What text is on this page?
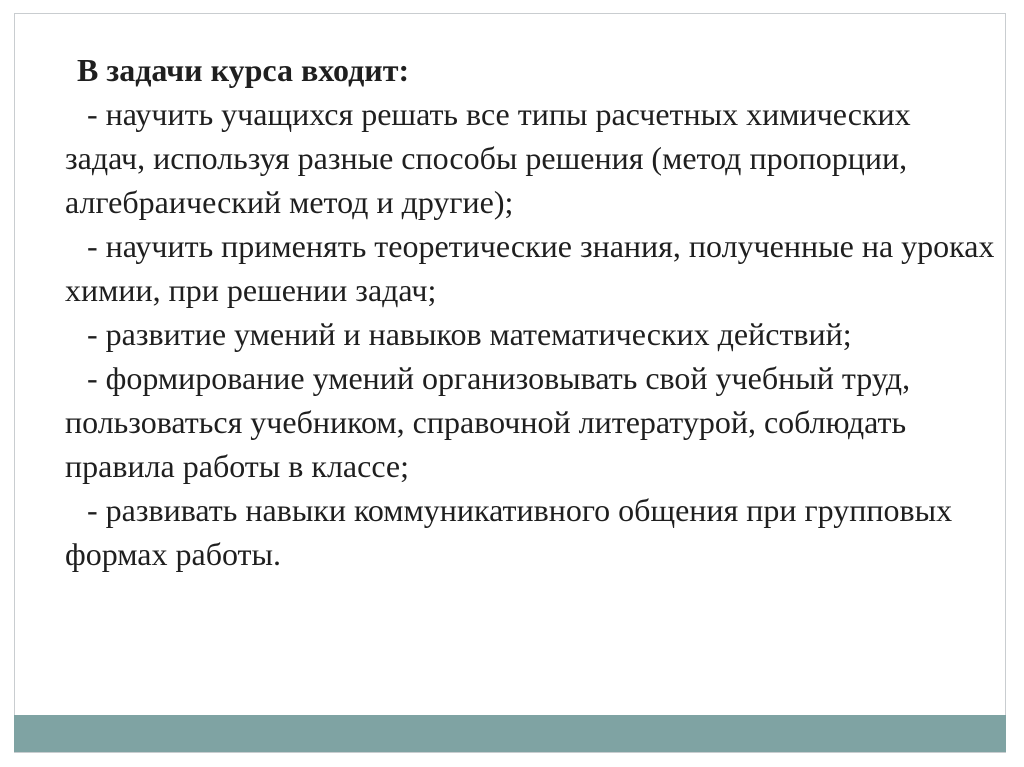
В задачи курса входит:

- научить учащихся решать все типы расчетных химических задач, используя разные способы решения (метод пропорции, алгебраический метод и другие);

- научить применять теоретические знания, полученные на уроках химии, при решении задач;

- развитие умений и навыков математических действий;

- формирование умений организовывать свой учебный труд, пользоваться учебником, справочной литературой, соблюдать правила работы в классе;

- развивать навыки коммуникативного общения при групповых формах работы.
